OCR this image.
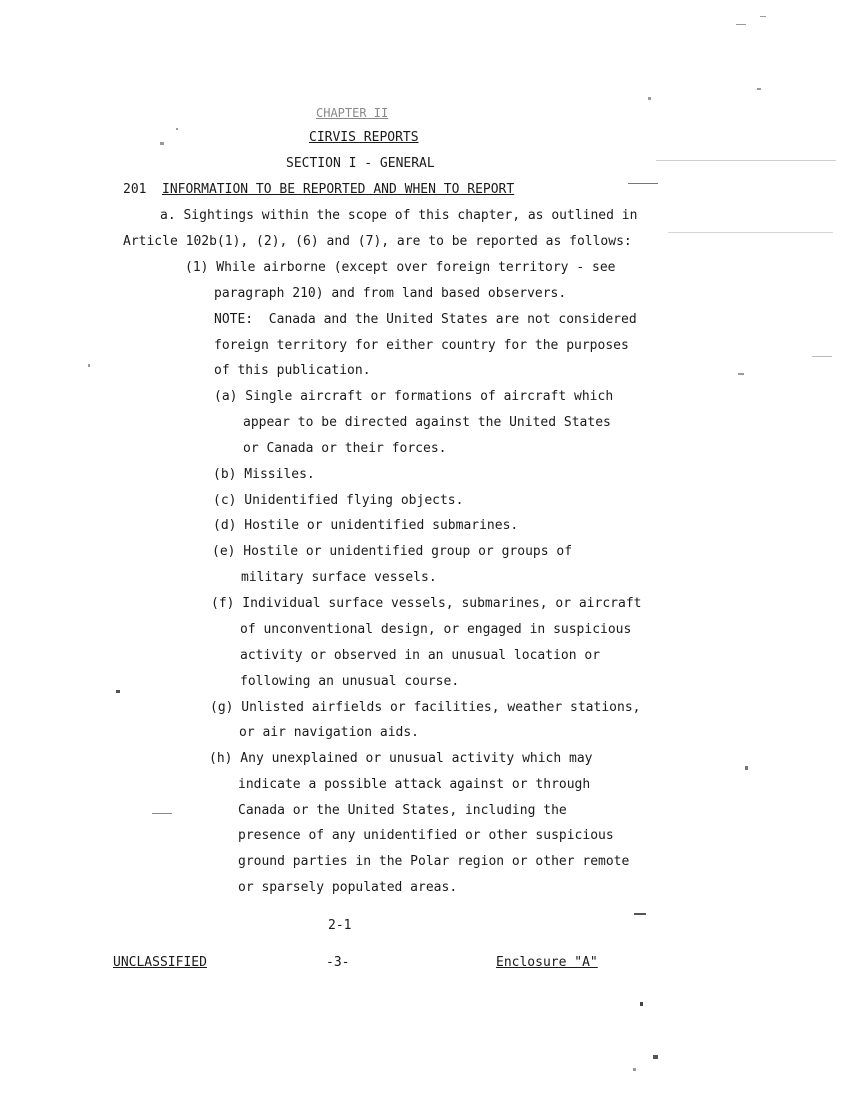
CHAPTER II
CIRVIS REPORTS
SECTION I - GENERAL
201 INFORMATION TO BE REPORTED AND WHEN TO REPORT
a. Sightings within the scope of this chapter, as outlined in
Article 102b(1), (2), (6) and (7), are to be reported as follows:
(1) While airborne (except over foreign territory - see
paragraph 210) and from land based observers.
NOTE:  Canada and the United States are not considered
foreign territory for either country for the purposes
of this publication.
(a) Single aircraft or formations of aircraft which
appear to be directed against the United States
or Canada or their forces.
(b) Missiles.
(c) Unidentified flying objects.
(d) Hostile or unidentified submarines.
(e) Hostile or unidentified group or groups of
military surface vessels.
(f) Individual surface vessels, submarines, or aircraft
of unconventional design, or engaged in suspicious
activity or observed in an unusual location or
following an unusual course.
(g) Unlisted airfields or facilities, weather stations,
or air navigation aids.
(h) Any unexplained or unusual activity which may
indicate a possible attack against or through
Canada or the United States, including the
presence of any unidentified or other suspicious
ground parties in the Polar region or other remote
or sparsely populated areas.
2-1
UNCLASSIFIED	-3-	Enclosure "A"
